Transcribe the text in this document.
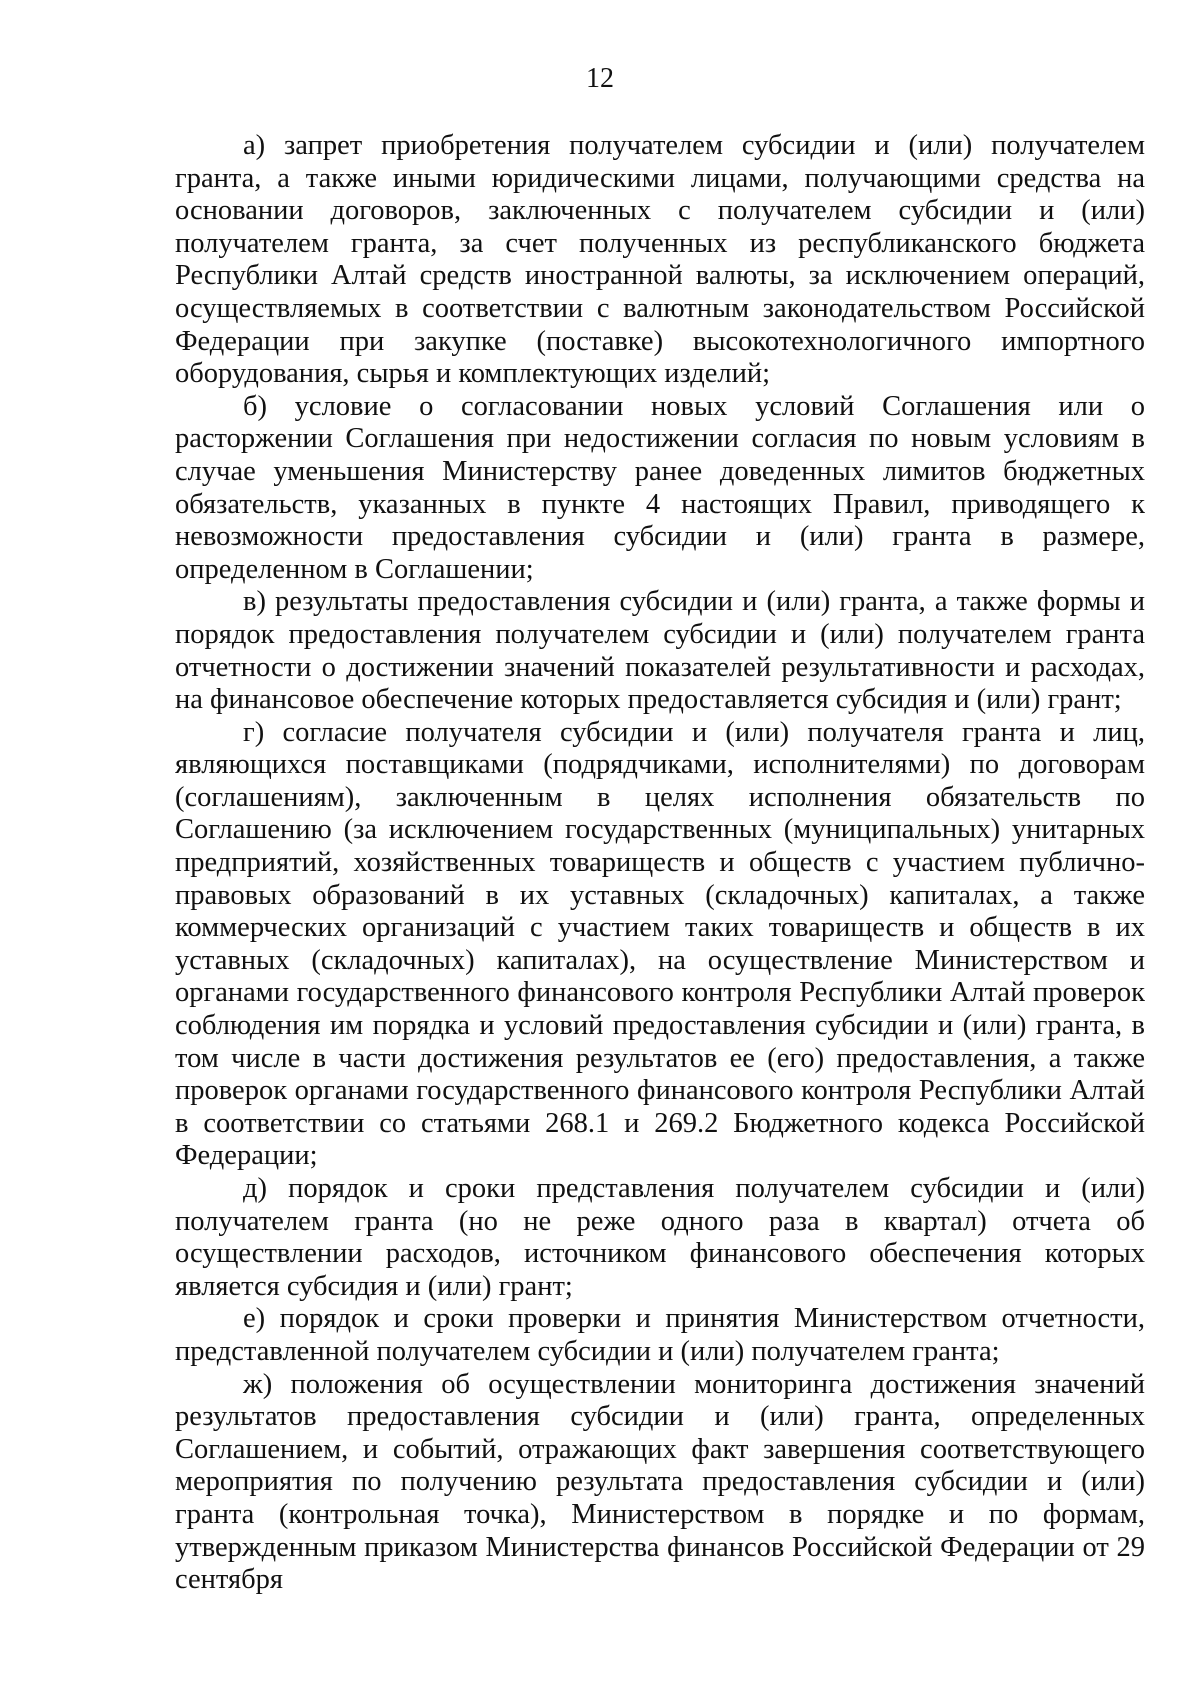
12

а) запрет приобретения получателем субсидии и (или) получателем гранта, а также иными юридическими лицами, получающими средства на основании договоров, заключенных с получателем субсидии и (или) получателем гранта, за счет полученных из республиканского бюджета Республики Алтай средств иностранной валюты, за исключением операций, осуществляемых в соответствии с валютным законодательством Российской Федерации при закупке (поставке) высокотехнологичного импортного оборудования, сырья и комплектующих изделий;

б) условие о согласовании новых условий Соглашения или о расторжении Соглашения при недостижении согласия по новым условиям в случае уменьшения Министерству ранее доведенных лимитов бюджетных обязательств, указанных в пункте 4 настоящих Правил, приводящего к невозможности предоставления субсидии и (или) гранта в размере, определенном в Соглашении;

в) результаты предоставления субсидии и (или) гранта, а также формы и порядок предоставления получателем субсидии и (или) получателем гранта отчетности о достижении значений показателей результативности и расходах, на финансовое обеспечение которых предоставляется субсидия и (или) грант;

г) согласие получателя субсидии и (или) получателя гранта и лиц, являющихся поставщиками (подрядчиками, исполнителями) по договорам (соглашениям), заключенным в целях исполнения обязательств по Соглашению (за исключением государственных (муниципальных) унитарных предприятий, хозяйственных товариществ и обществ с участием публично-правовых образований в их уставных (складочных) капиталах, а также коммерческих организаций с участием таких товариществ и обществ в их уставных (складочных) капиталах), на осуществление Министерством и органами государственного финансового контроля Республики Алтай проверок соблюдения им порядка и условий предоставления субсидии и (или) гранта, в том числе в части достижения результатов ее (его) предоставления, а также проверок органами государственного финансового контроля Республики Алтай в соответствии со статьями 268.1 и 269.2 Бюджетного кодекса Российской Федерации;

д) порядок и сроки представления получателем субсидии и (или) получателем гранта (но не реже одного раза в квартал) отчета об осуществлении расходов, источником финансового обеспечения которых является субсидия и (или) грант;

е) порядок и сроки проверки и принятия Министерством отчетности, представленной получателем субсидии и (или) получателем гранта;

ж) положения об осуществлении мониторинга достижения значений результатов предоставления субсидии и (или) гранта, определенных Соглашением, и событий, отражающих факт завершения соответствующего мероприятия по получению результата предоставления субсидии и (или) гранта (контрольная точка), Министерством в порядке и по формам, утвержденным приказом Министерства финансов Российской Федерации от 29 сентября
